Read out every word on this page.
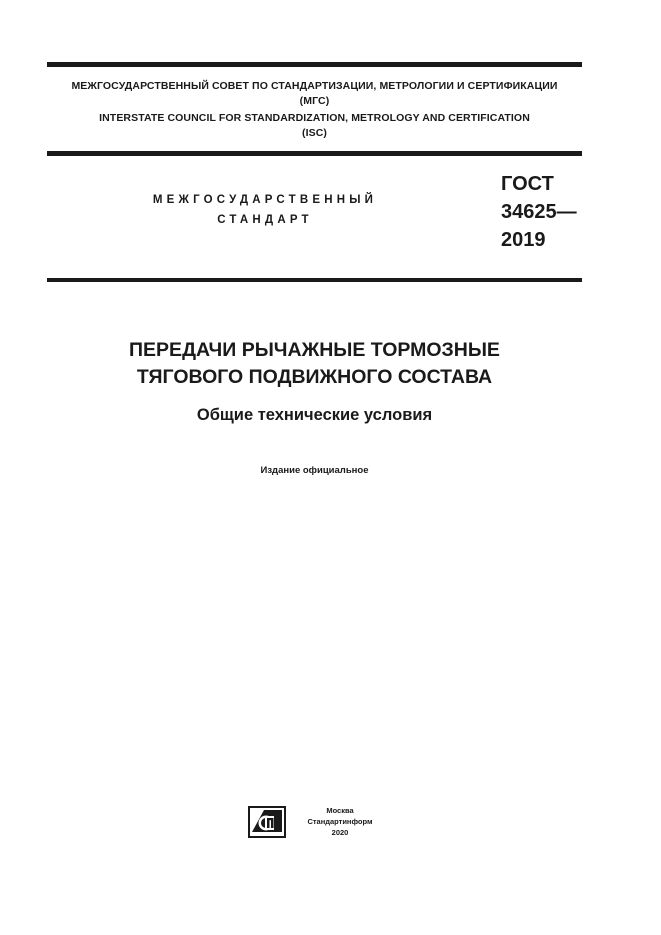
МЕЖГОСУДАРСТВЕННЫЙ СОВЕТ ПО СТАНДАРТИЗАЦИИ, МЕТРОЛОГИИ И СЕРТИФИКАЦИИ
(МГС)
INTERSTATE COUNCIL FOR STANDARDIZATION, METROLOGY AND CERTIFICATION
(ISC)
МЕЖГОСУДАРСТВЕННЫЙ
СТАНДАРТ
ГОСТ
34625—
2019
ПЕРЕДАЧИ РЫЧАЖНЫЕ ТОРМОЗНЫЕ
ТЯГОВОГО ПОДВИЖНОГО СОСТАВА
Общие технические условия
Издание официальное
Москва
Стандартинформ
2020
